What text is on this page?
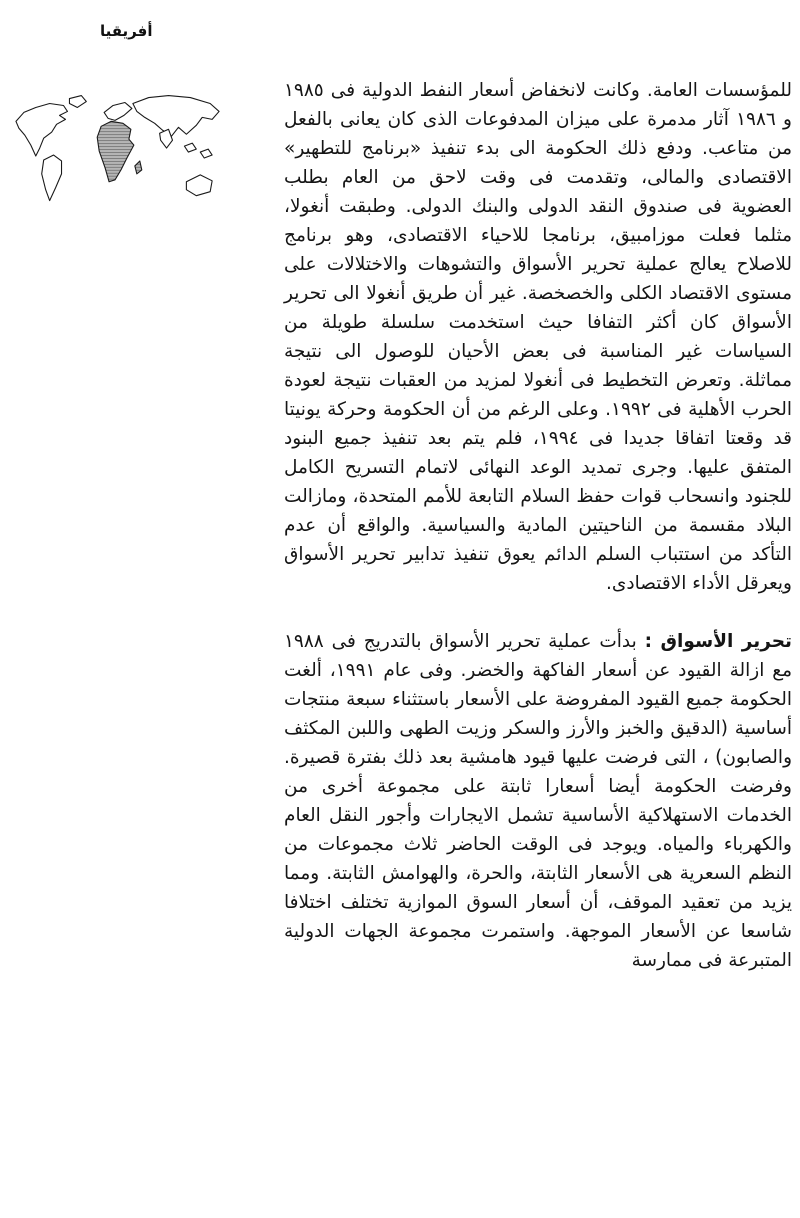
أفريقيا

للمؤسسات العامة. وكانت لانخفاض أسعار النفط الدولية فى ١٩٨٥ و ١٩٨٦ آثار مدمرة على ميزان المدفوعات الذى كان يعانى بالفعل من متاعب. ودفع ذلك الحكومة الى بدء تنفيذ «برنامج للتطهير» الاقتصادى والمالى، وتقدمت فى وقت لاحق من العام بطلب العضوية فى صندوق النقد الدولى والبنك الدولى. وطبقت أنغولا، مثلما فعلت موزامبيق، برنامجا للاحياء الاقتصادى، وهو برنامج للاصلاح يعالج عملية تحرير الأسواق والتشوهات والاختلالات على مستوى الاقتصاد الكلى والخصخصة. غير أن طريق أنغولا الى تحرير الأسواق كان أكثر التفافا حيث استخدمت سلسلة طويلة من السياسات غير المناسبة فى بعض الأحيان للوصول الى نتيجة مماثلة. وتعرض التخطيط فى أنغولا لمزيد من العقبات نتيجة لعودة الحرب الأهلية فى ١٩٩٢. وعلى الرغم من أن الحكومة وحركة يونيتا قد وقعتا اتفاقا جديدا فى ١٩٩٤، فلم يتم بعد تنفيذ جميع البنود المتفق عليها. وجرى تمديد الوعد النهائى لاتمام التسريح الكامل للجنود وانسحاب قوات حفظ السلام التابعة للأمم المتحدة، ومازالت البلاد مقسمة من الناحيتين المادية والسياسية. والواقع أن عدم التأكد من استتباب السلم الدائم يعوق تنفيذ تدابير تحرير الأسواق ويعرقل الأداء الاقتصادى.

تحرير الأسواق : بدأت عملية تحرير الأسواق بالتدريج فى ١٩٨٨ مع ازالة القيود عن أسعار الفاكهة والخضر. وفى عام ١٩٩١، ألغت الحكومة جميع القيود المفروضة على الأسعار باستثناء سبعة منتجات أساسية (الدقيق والخبز والأرز والسكر وزيت الطهى واللبن المكثف والصابون) ، التى فرضت عليها قيود هامشية بعد ذلك بفترة قصيرة. وفرضت الحكومة أيضا أسعارا ثابتة على مجموعة أخرى من الخدمات الاستهلاكية الأساسية تشمل الايجارات وأجور النقل العام والكهرباء والمياه. ويوجد فى الوقت الحاضر ثلاث مجموعات من النظم السعرية هى الأسعار الثابتة، والحرة، والهوامش الثابتة. ومما يزيد من تعقيد الموقف، أن أسعار السوق الموازية تختلف اختلافا شاسعا عن الأسعار الموجهة. واستمرت مجموعة الجهات الدولية المتبرعة فى ممارسة
